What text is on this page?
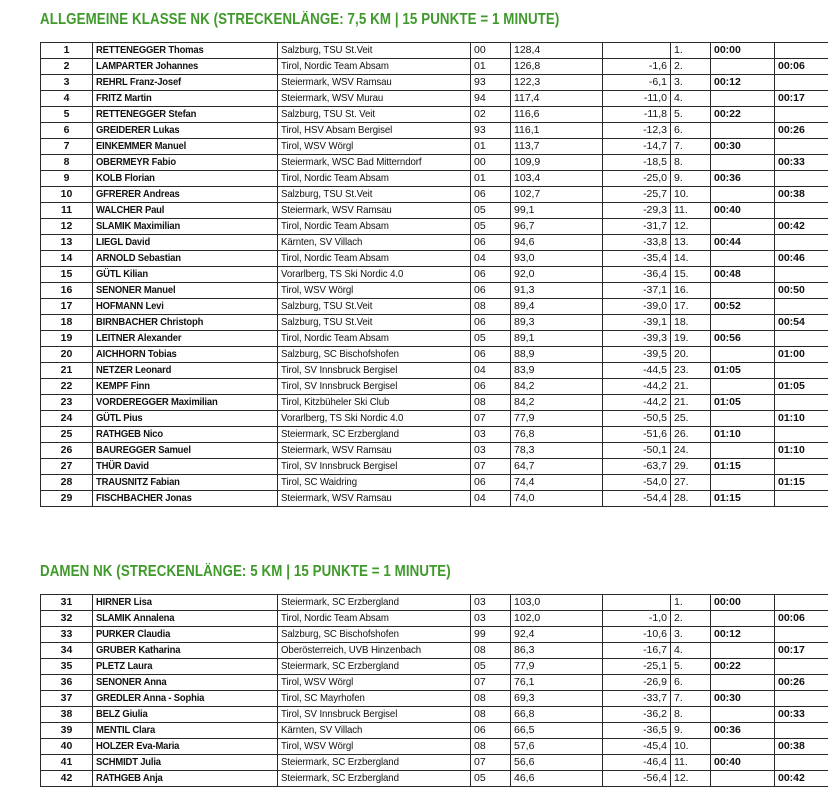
ALLGEMEINE KLASSE NK (STRECKENLÄNGE: 7,5 KM | 15 PUNKTE = 1 MINUTE)
1	RETTENEGGER Thomas	Salzburg, TSU St.Veit	00	128,4		1.	00:00		
2	LAMPARTER Johannes	Tirol, Nordic Team Absam	01	126,8	-1,6	2.		00:06	
3	REHRL Franz-Josef	Steiermark, WSV Ramsau	93	122,3	-6,1	3.	00:12		
4	FRITZ Martin	Steiermark, WSV Murau	94	117,4	-11,0	4.		00:17	
5	RETTENEGGER Stefan	Salzburg, TSU St. Veit	02	116,6	-11,8	5.	00:22		
6	GREIDERER Lukas	Tirol, HSV Absam Bergisel	93	116,1	-12,3	6.		00:26	
7	EINKEMMER Manuel	Tirol, WSV Wörgl	01	113,7	-14,7	7.	00:30		
8	OBERMEYR Fabio	Steiermark, WSC Bad Mitterndorf	00	109,9	-18,5	8.		00:33	
9	KOLB Florian	Tirol, Nordic Team Absam	01	103,4	-25,0	9.	00:36		
10	GFRERER Andreas	Salzburg, TSU St.Veit	06	102,7	-25,7	10.		00:38	
11	WALCHER Paul	Steiermark, WSV Ramsau	05	99,1	-29,3	11.	00:40		
12	SLAMIK Maximilian	Tirol, Nordic Team Absam	05	96,7	-31,7	12.		00:42	
13	LIEGL David	Kärnten, SV Villach	06	94,6	-33,8	13.	00:44		
14	ARNOLD Sebastian	Tirol, Nordic Team Absam	04	93,0	-35,4	14.		00:46	
15	GÜTL Kilian	Vorarlberg, TS Ski Nordic 4.0	06	92,0	-36,4	15.	00:48		
16	SENONER Manuel	Tirol, WSV Wörgl	06	91,3	-37,1	16.		00:50	
17	HOFMANN Levi	Salzburg, TSU St.Veit	08	89,4	-39,0	17.	00:52		
18	BIRNBACHER Christoph	Salzburg, TSU St.Veit	06	89,3	-39,1	18.		00:54	
19	LEITNER Alexander	Tirol, Nordic Team Absam	05	89,1	-39,3	19.	00:56		
20	AICHHORN Tobias	Salzburg, SC Bischofshofen	06	88,9	-39,5	20.		01:00	
21	NETZER Leonard	Tirol, SV Innsbruck Bergisel	04	83,9	-44,5	23.	01:05		
22	KEMPF Finn	Tirol, SV Innsbruck Bergisel	06	84,2	-44,2	21.		01:05	
23	VORDEREGGER Maximilian	Tirol, Kitzbüheler Ski Club	08	84,2	-44,2	21.	01:05		
24	GÜTL Pius	Vorarlberg, TS Ski Nordic 4.0	07	77,9	-50,5	25.		01:10	
25	RATHGEB Nico	Steiermark, SC Erzbergland	03	76,8	-51,6	26.	01:10		
26	BAUREGGER Samuel	Steiermark, WSV Ramsau	03	78,3	-50,1	24.		01:10	
27	THÜR David	Tirol, SV Innsbruck Bergisel	07	64,7	-63,7	29.	01:15		
28	TRAUSNITZ Fabian	Tirol, SC Waidring	06	74,4	-54,0	27.		01:15	
29	FISCHBACHER Jonas	Steiermark, WSV Ramsau	04	74,0	-54,4	28.	01:15		
DAMEN NK (STRECKENLÄNGE: 5 KM | 15 PUNKTE = 1 MINUTE)
31	HIRNER Lisa	Steiermark, SC Erzbergland	03	103,0		1.	00:00		
32	SLAMIK Annalena	Tirol, Nordic Team Absam	03	102,0	-1,0	2.		00:06	
33	PURKER Claudia	Salzburg, SC Bischofshofen	99	92,4	-10,6	3.	00:12		
34	GRUBER Katharina	Oberösterreich, UVB Hinzenbach	08	86,3	-16,7	4.		00:17	
35	PLETZ Laura	Steiermark, SC Erzbergland	05	77,9	-25,1	5.	00:22		
36	SENONER Anna	Tirol, WSV Wörgl	07	76,1	-26,9	6.		00:26	
37	GREDLER Anna - Sophia	Tirol, SC Mayrhofen	08	69,3	-33,7	7.	00:30		
38	BELZ Giulia	Tirol, SV Innsbruck Bergisel	08	66,8	-36,2	8.		00:33	
39	MENTIL Clara	Kärnten, SV Villach	06	66,5	-36,5	9.	00:36		
40	HOLZER Eva-Maria	Tirol, WSV Wörgl	08	57,6	-45,4	10.		00:38	
41	SCHMIDT Julia	Steiermark, SC Erzbergland	07	56,6	-46,4	11.	00:40		
42	RATHGEB Anja	Steiermark, SC Erzbergland	05	46,6	-56,4	12.		00:42	
